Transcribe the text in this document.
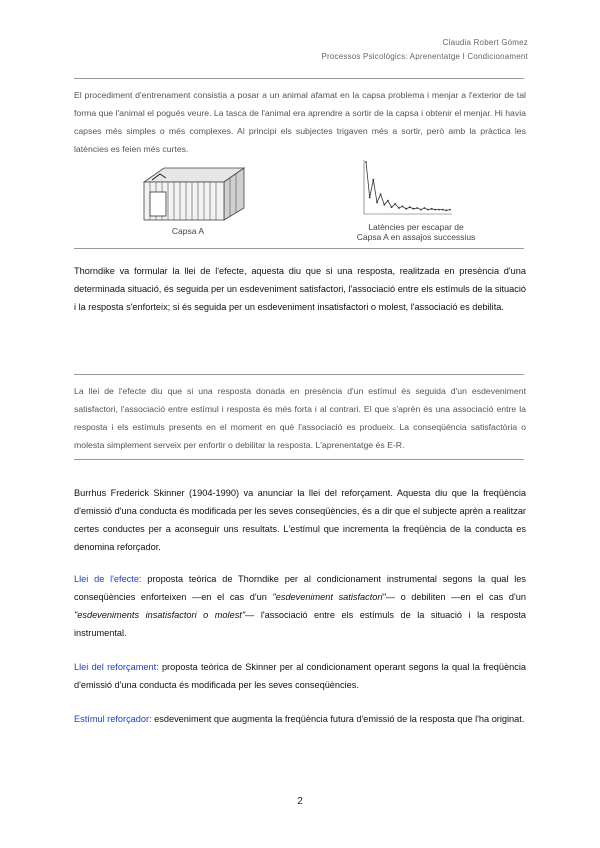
Claudia Robert Gómez
Processos Psicològics: Aprenentatge I Condicionament

El procediment d'entrenament consistia a posar a un animal afamat en la capsa problema i menjar a l'exterior de tal forma que l'animal el pogués veure. La tasca de l'animal era aprendre a sortir de la capsa i obtenir el menjar. Hi havia capses més simples o més complexes. Al principi els subjectes trigaven més a sortir, però amb la pràctica les latències es feien més curtes.

Capsa A	Latències per escapar de
Capsa A en assajos successius

Thorndike va formular la llei de l'efecte, aquesta diu que si una resposta, realitzada en presència d'una determinada situació, és seguida per un esdeveniment satisfactori, l'associació entre els estímuls de la situació i la resposta s'enforteix; si és seguida per un esdeveniment insatisfactori o molest, l'associació es debilita.

La llei de l'efecte diu que si una resposta donada en presència d'un estímul és seguida d'un esdeveniment satisfactori, l'associació entre estímul i resposta és més forta i al contrari. El que s'aprèn és una associació entre la resposta i els estímuls presents en el moment en què l'associació es produeix. La conseqüència satisfactòria o molesta simplement serveix per enfortir o debilitar la resposta. L'aprenentatge és E-R.

Burrhus Frederick Skinner (1904-1990) va anunciar la llei del reforçament. Aquesta diu que la freqüència d'emissió d'una conducta és modificada per les seves conseqüències, és a dir que el subjecte aprèn a realitzar certes conductes per a aconseguir uns resultats. L'estímul que incrementa la freqüència de la conducta es denomina reforçador.

Llei de l'efecte: proposta teòrica de Thorndike per al condicionament instrumental segons la qual les conseqüències enforteixen —en el cas d'un "esdeveniment satisfactori"— o debiliten —en el cas d'un "esdeveniments insatisfactori o molest"— l'associació entre els estímuls de la situació i la resposta instrumental.

Llei del reforçament: proposta teòrica de Skinner per al condicionament operant segons la qual la freqüència d'emissió d'una conducta és modificada per les seves conseqüències.

Estímul reforçador: esdeveniment que augmenta la freqüència futura d'emissió de la resposta que l'ha originat.

2
